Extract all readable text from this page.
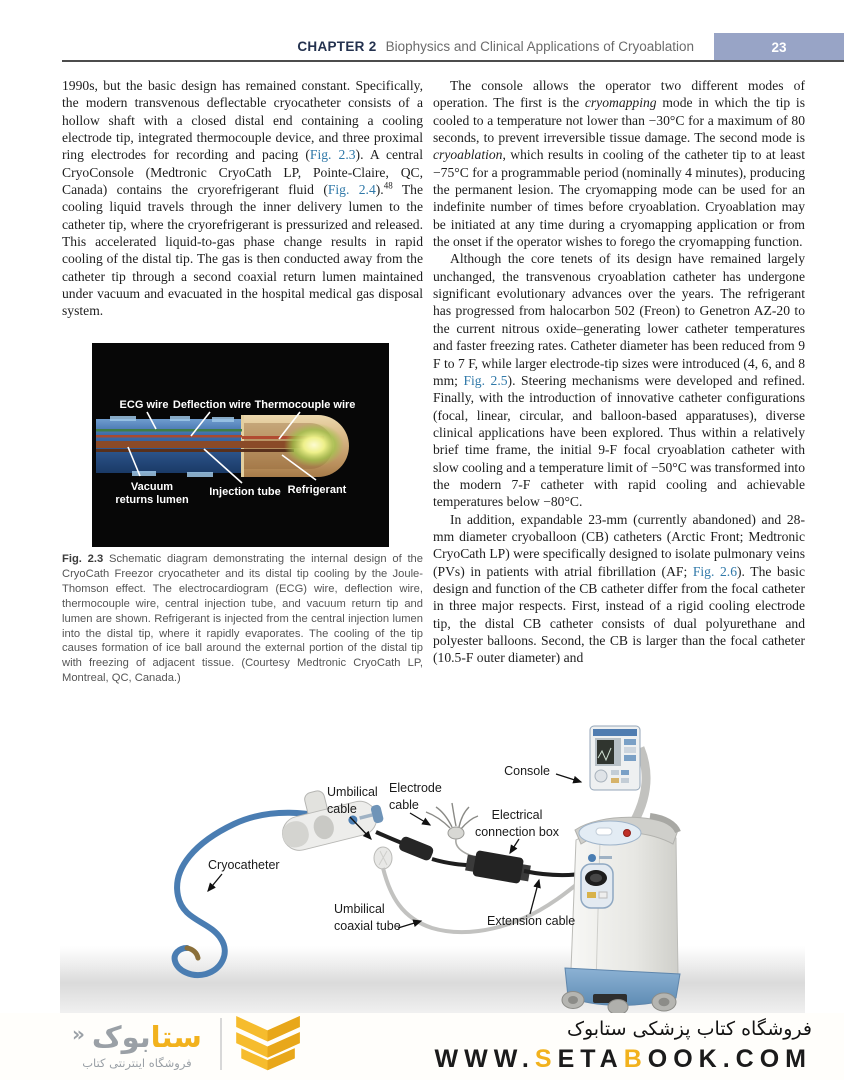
CHAPTER 2 Biophysics and Clinical Applications of Cryoablation	23

1990s, but the basic design has remained constant. Specifically, the modern transvenous deflectable cryocatheter consists of a hollow shaft with a closed distal end containing a cooling electrode tip, integrated thermocouple device, and three proximal ring electrodes for recording and pacing (Fig. 2.3). A central CryoConsole (Medtronic CryoCath LP, Pointe-Claire, QC, Canada) contains the cryorefrigerant fluid (Fig. 2.4).$^{48}$ The cooling liquid travels through the inner delivery lumen to the catheter tip, where the cryorefrigerant is pressurized and released. This accelerated liquid-to-gas phase change results in rapid cooling of the distal tip. The gas is then conducted away from the catheter tip through a second coaxial return lumen maintained under vacuum and evacuated in the hospital medical gas disposal system.

ECG wire Deflection wire Thermocouple wire
Vacuum
returns lumen
Injection tube Refrigerant
Fig. 2.3 Schematic diagram demonstrating the internal design of the CryoCath Freezor cryocatheter and its distal tip cooling by the Joule-Thomson effect. The electrocardiogram (ECG) wire, deflection wire, thermocouple wire, central injection tube, and vacuum return tip and lumen are shown. Refrigerant is injected from the central injection lumen into the distal tip, where it rapidly evaporates. The cooling of the tip causes formation of ice ball around the external portion of the distal tip with freezing of adjacent tissue. (Courtesy Medtronic CryoCath LP, Montreal, QC, Canada.)

The console allows the operator two different modes of operation. The first is the cryomapping mode in which the tip is cooled to a temperature not lower than −30°C for a maximum of 80 seconds, to prevent irreversible tissue damage. The second mode is cryoablation, which results in cooling of the catheter tip to at least −75°C for a programmable period (nominally 4 minutes), producing the permanent lesion. The cryomapping mode can be used for an indefinite number of times before cryoablation. Cryoablation may be initiated at any time during a cryomapping application or from the onset if the operator wishes to forego the cryomapping function.

Although the core tenets of its design have remained largely unchanged, the transvenous cryoablation catheter has undergone significant evolutionary advances over the years. The refrigerant has progressed from halocarbon 502 (Freon) to Genetron AZ-20 to the current nitrous oxide–generating lower catheter temperatures and faster freezing rates. Catheter diameter has been reduced from 9 F to 7 F, while larger electrode-tip sizes were introduced (4, 6, and 8 mm; Fig. 2.5). Steering mechanisms were developed and refined. Finally, with the introduction of innovative catheter configurations (focal, linear, circular, and balloon-based apparatuses), diverse clinical applications have been explored. Thus within a relatively brief time frame, the initial 9-F focal cryoablation catheter with slow cooling and a temperature limit of −50°C was transformed into the modern 7-F catheter with rapid cooling and achievable temperatures below −80°C.

In addition, expandable 23-mm (currently abandoned) and 28-mm diameter cryoballoon (CB) catheters (Arctic Front; Medtronic CryoCath LP) were specifically designed to isolate pulmonary veins (PVs) in patients with atrial fibrillation (AF; Fig. 2.6). The basic design and function of the CB catheter differ from the focal catheter in three major respects. First, instead of a rigid cooling electrode tip, the distal CB catheter consists of dual polyurethane and polyester balloons. Second, the CB is larger than the focal catheter (10.5-F outer diameter) and

Console
Umbilical
cable
Electrode
cable
Electrical
connection box
Cryocatheter
Umbilical
coaxial tube	Extension cable
ستابوک «
فروشگاه اینترنتی کتاب
فروشگاه کتاب پزشکی ستابوک
WWW.SETABOOK.COM
